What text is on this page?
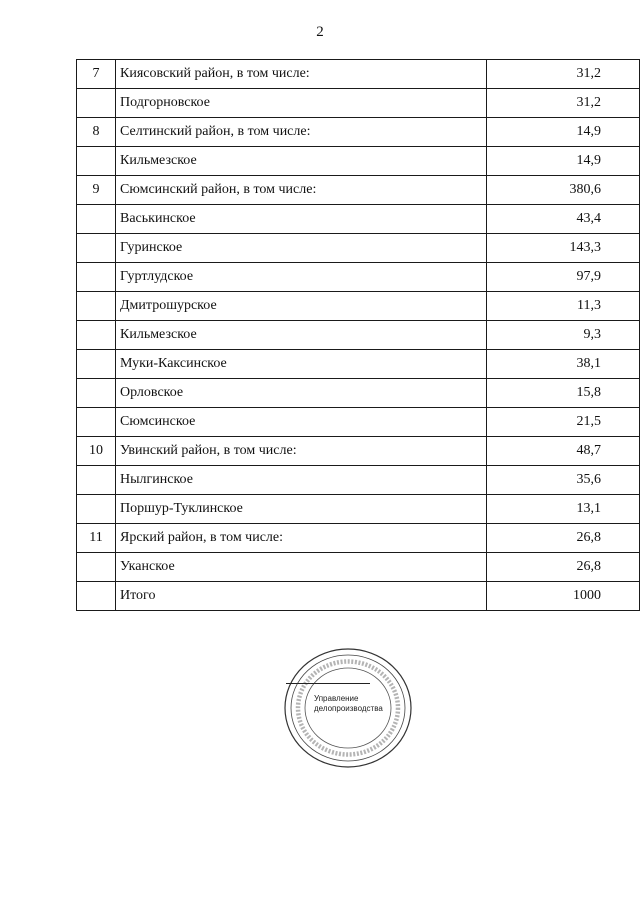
2
7	Киясовский район, в том числе:	31,2
	Подгорновское	31,2
8	Селтинский район, в том числе:	14,9
	Кильмезское	14,9
9	Сюмсинский район, в том числе:	380,6
	Васькинское	43,4
	Гуринское	143,3
	Гуртлудское	97,9
	Дмитрошурское	11,3
	Кильмезское	9,3
	Муки-Каксинское	38,1
	Орловское	15,8
	Сюмсинское	21,5
10	Увинский район, в том числе:	48,7
	Нылгинское	35,6
	Поршур-Туклинское	13,1
11	Ярский район, в том числе:	26,8
	Уканское	26,8
	Итого	1000
Управление
делопроизводства
